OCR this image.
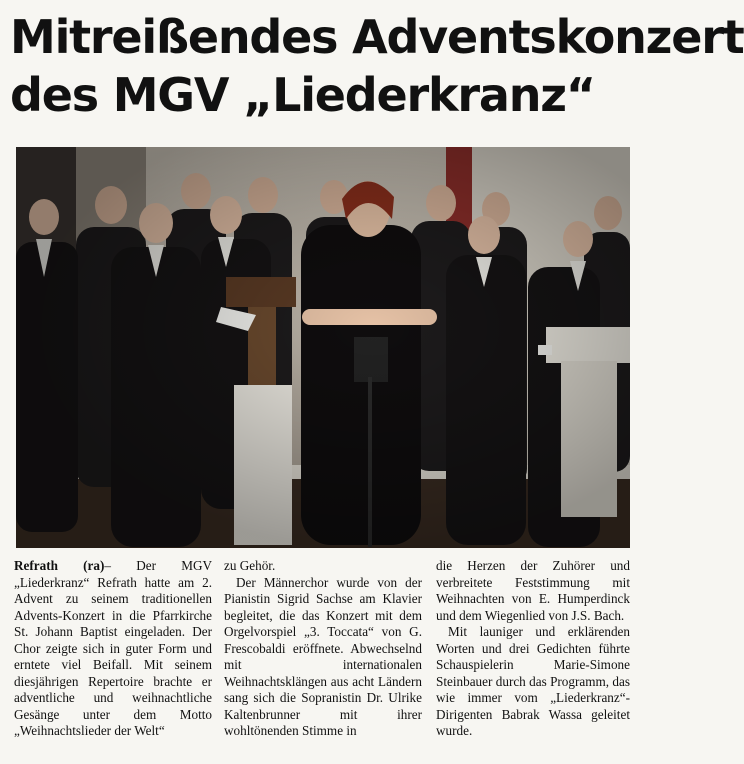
Mitreißendes Adventskonzert
des MGV „Liederkranz“

Refrath (ra)– Der MGV „Liederkranz“ Refrath hatte am 2. Advent zu seinem traditionellen Advents-Konzert in die Pfarrkirche St. Johann Baptist eingeladen. Der Chor zeigte sich in guter Form und erntete viel Beifall. Mit seinem diesjährigen Repertoire brachte er adventliche und weihnachtliche Gesänge unter dem Motto „Weihnachtslieder der Welt“

zu Gehör.

Der Männerchor wurde von der Pianistin Sigrid Sachse am Klavier begleitet, die das Konzert mit dem Orgelvorspiel „3. Toccata“ von G. Frescobaldi eröffnete. Abwechselnd mit internationalen Weihnachtsklängen aus acht Ländern sang sich die Sopranistin Dr. Ulrike Kaltenbrunner mit ihrer wohltönenden Stimme in

die Herzen der Zuhörer und verbreitete Feststimmung mit Weihnachten von E. Humperdinck und dem Wiegenlied von J.S. Bach.

Mit launiger und erklärenden Worten und drei Gedichten führte Schauspielerin Marie-Simone Steinbauer durch das Programm, das wie immer vom „Liederkranz“-Dirigenten Babrak Wassa geleitet wurde.
